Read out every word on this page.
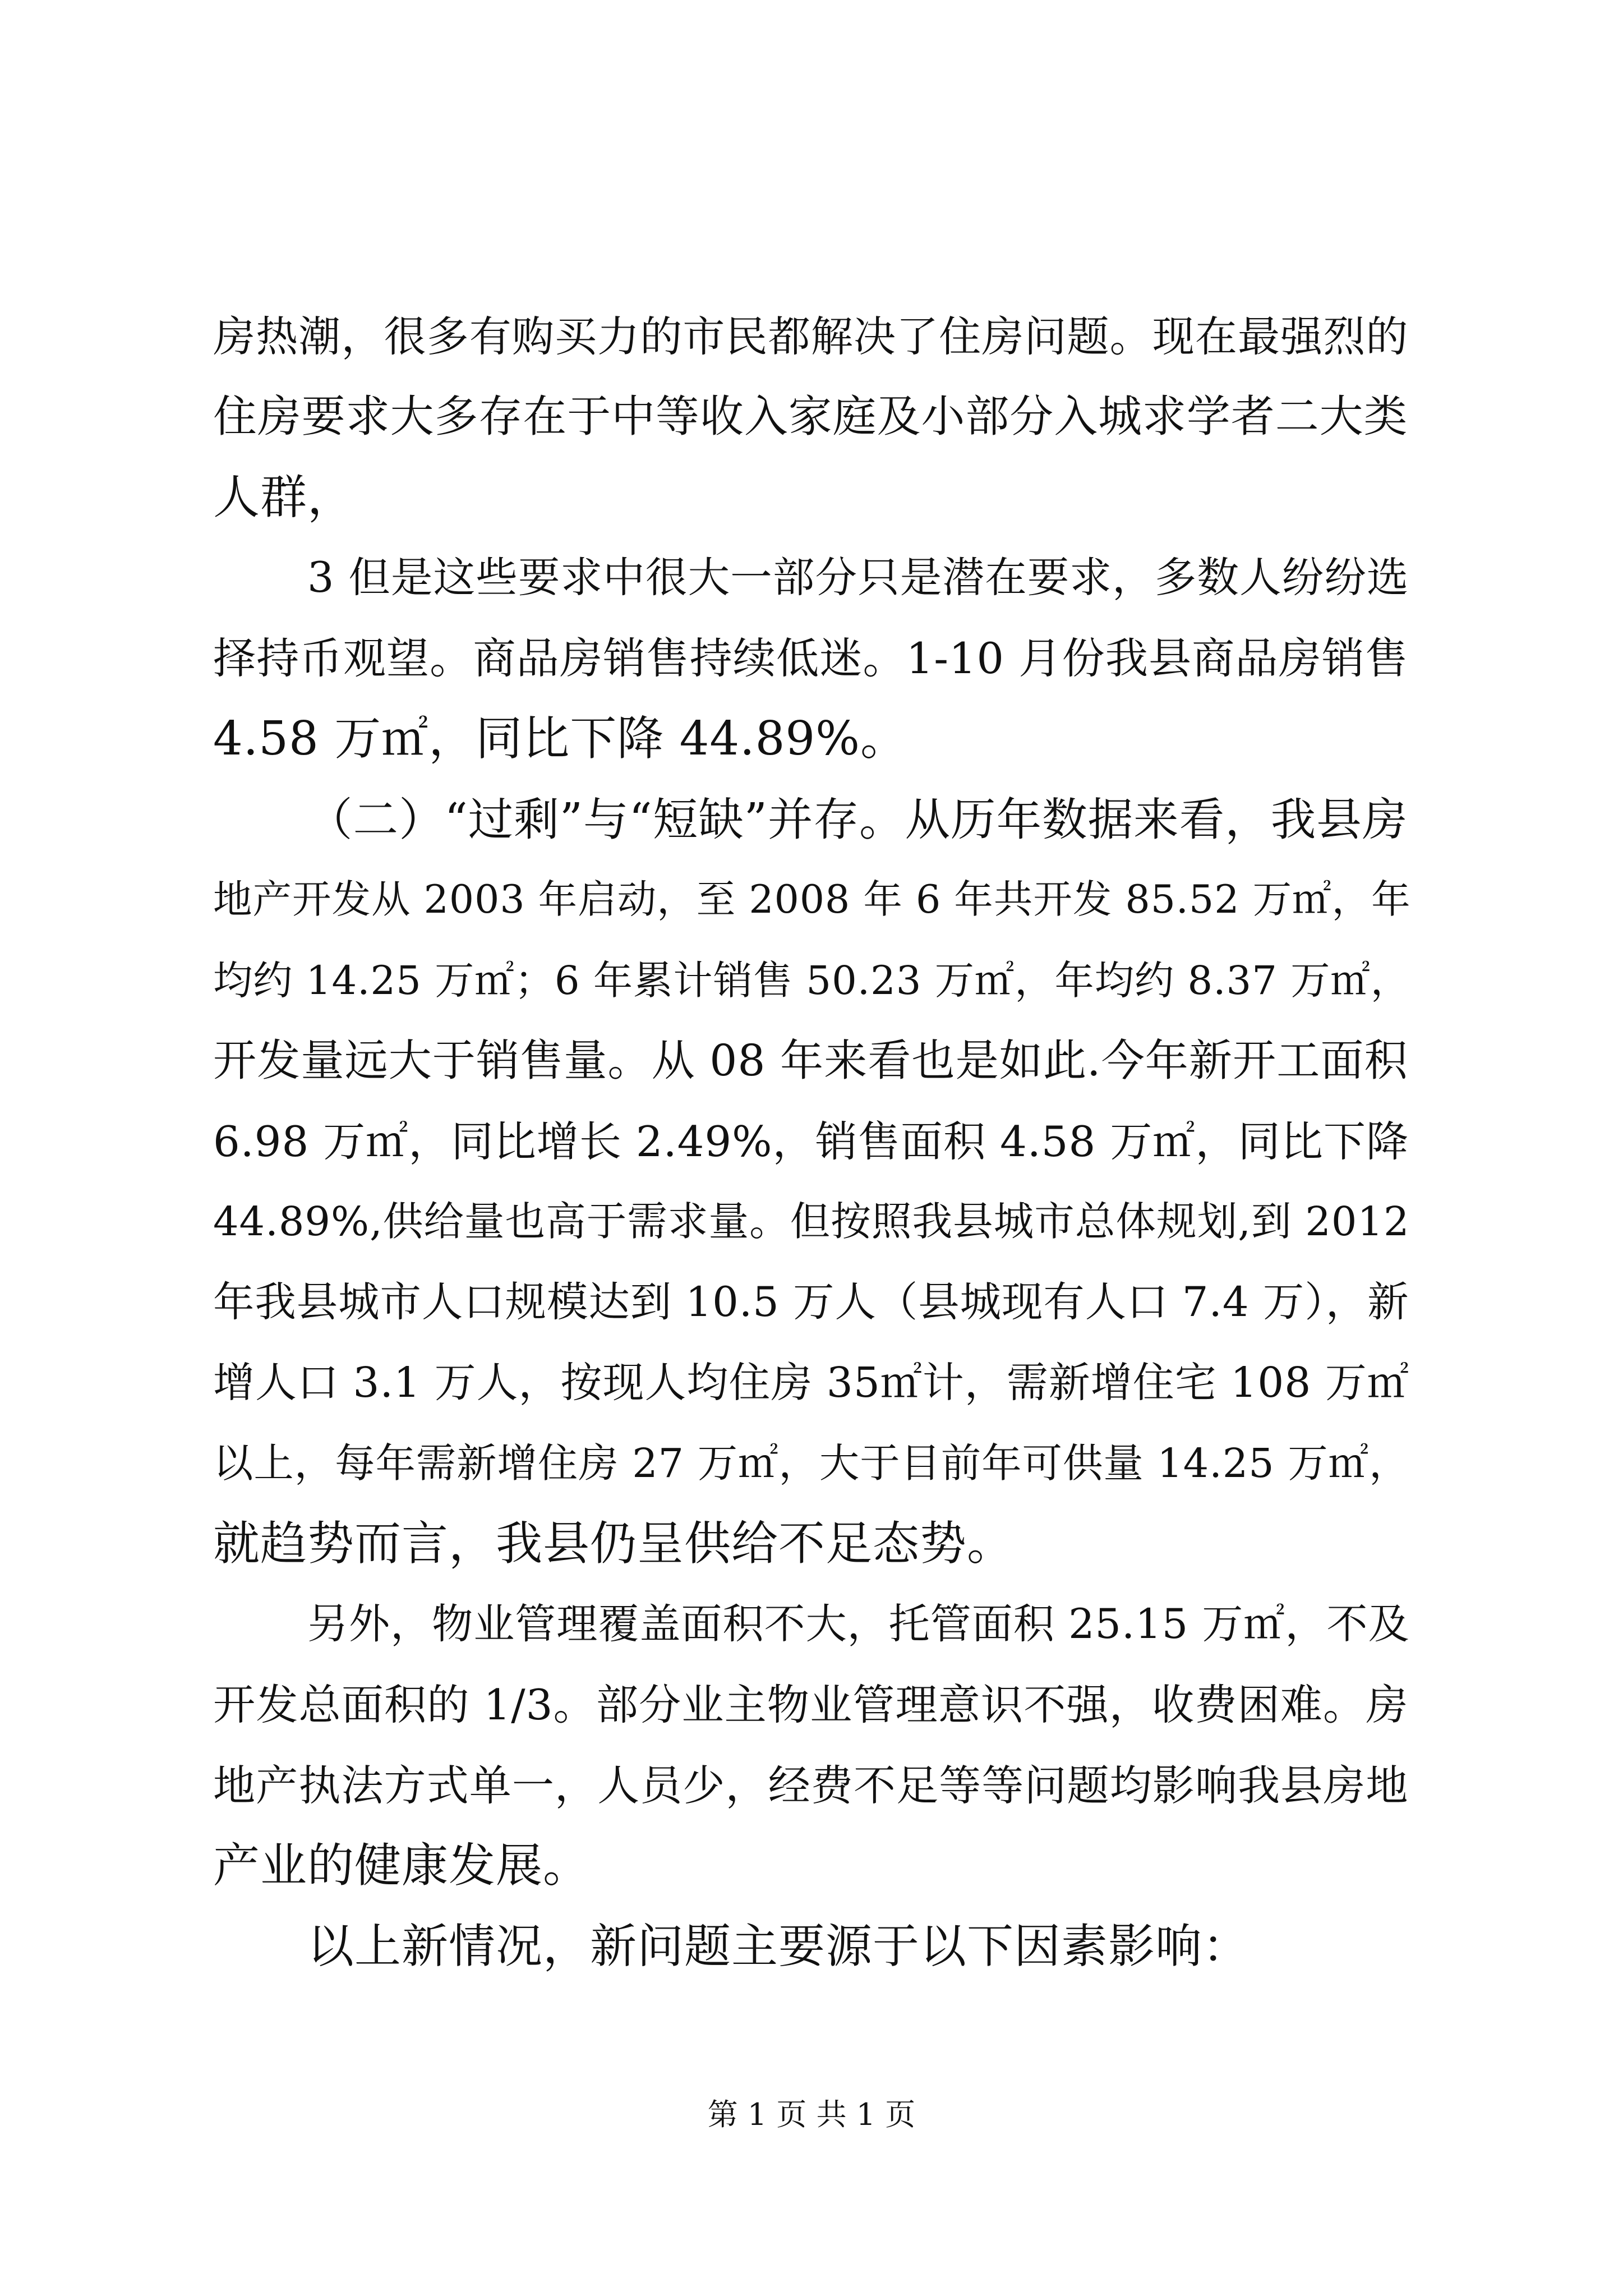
房热潮，很多有购买力的市民都解决了住房问题。现在最强烈的
住房要求大多存在于中等收入家庭及小部分入城求学者二大类
人群，
3 但是这些要求中很大一部分只是潜在要求，多数人纷纷选
择持币观望。商品房销售持续低迷。1-10 月份我县商品房销售
4.58 万㎡，同比下降 44.89%。
（二）“过剩”与“短缺”并存。从历年数据来看，我县房
地产开发从 2003 年启动，至 2008 年 6 年共开发 85.52 万㎡，年
均约 14.25 万㎡；6 年累计销售 50.23 万㎡，年均约 8.37 万㎡，
开发量远大于销售量。从 08 年来看也是如此.今年新开工面积
6.98 万㎡，同比增长 2.49%，销售面积 4.58 万㎡，同比下降
44.89%,供给量也高于需求量。但按照我县城市总体规划,到 2012
年我县城市人口规模达到 10.5 万人（县城现有人口 7.4 万），新
增人口 3.1 万人，按现人均住房 35㎡计，需新增住宅 108 万㎡
以上，每年需新增住房 27 万㎡，大于目前年可供量 14.25 万㎡，
就趋势而言，我县仍呈供给不足态势。
另外，物业管理覆盖面积不大，托管面积 25.15 万㎡，不及
开发总面积的 1/3。部分业主物业管理意识不强，收费困难。房
地产执法方式单一，人员少，经费不足等等问题均影响我县房地
产业的健康发展。
以上新情况，新问题主要源于以下因素影响：
第 1 页 共 1 页
